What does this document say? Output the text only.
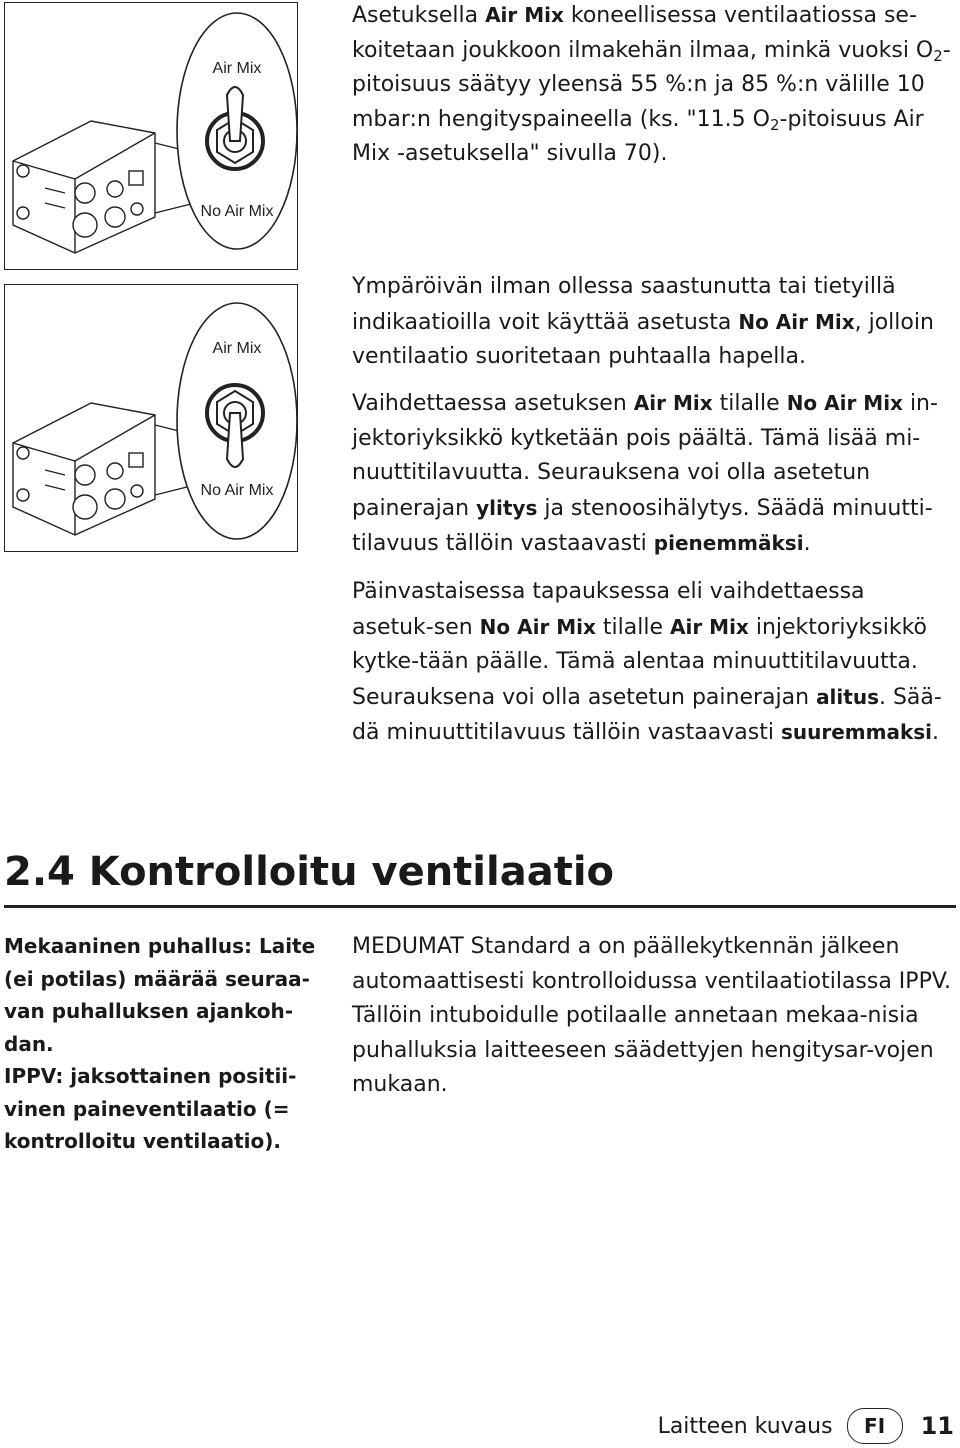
Air Mix
No Air Mix
Air Mix
No Air Mix

Asetuksella Air Mix koneellisessa ventilaatiossa se-koitetaan joukkoon ilmakehän ilmaa, minkä vuoksi $O_2$-pitoisuus säätyy yleensä 55 %:n ja 85 %:n välille 10 mbar:n hengityspaineella (ks. "11.5 $O_2$-pitoisuus Air Mix -asetuksella" sivulla 70).

Ympäröivän ilman ollessa saastunutta tai tietyillä indikaatioilla voit käyttää asetusta No Air Mix, jolloin ventilaatio suoritetaan puhtaalla hapella.

Vaihdettaessa asetuksen Air Mix tilalle No Air Mix in-jektoriyksikkö kytketään pois päältä. Tämä lisää mi-nuuttitilavuutta. Seurauksena voi olla asetetun painerajan ylitys ja stenoosihälytys. Säädä minuutti-tilavuus tällöin vastaavasti pienemmäksi.

Päinvastaisessa tapauksessa eli vaihdettaessa asetuk-sen No Air Mix tilalle Air Mix injektoriyksikkö kytke-tään päälle. Tämä alentaa minuuttitilavuutta. Seurauksena voi olla asetetun painerajan alitus. Sää-dä minuuttitilavuus tällöin vastaavasti suuremmaksi.

2.4 Kontrolloitu ventilaatio
Mekaaninen puhallus: Laite (ei potilas) määrää seuraa-van puhalluksen ajankoh-dan.
IPPV: jaksottainen positii-vinen paineventilaatio (= kontrolloitu ventilaatio).

MEDUMAT Standard a on päällekytkennän jälkeen automaattisesti kontrolloidussa ventilaatiotilassa IPPV. Tällöin intuboidulle potilaalle annetaan mekaa-nisia puhalluksia laitteeseen säädettyjen hengitysar-vojen mukaan.

Laitteen kuvaus	FI	11
